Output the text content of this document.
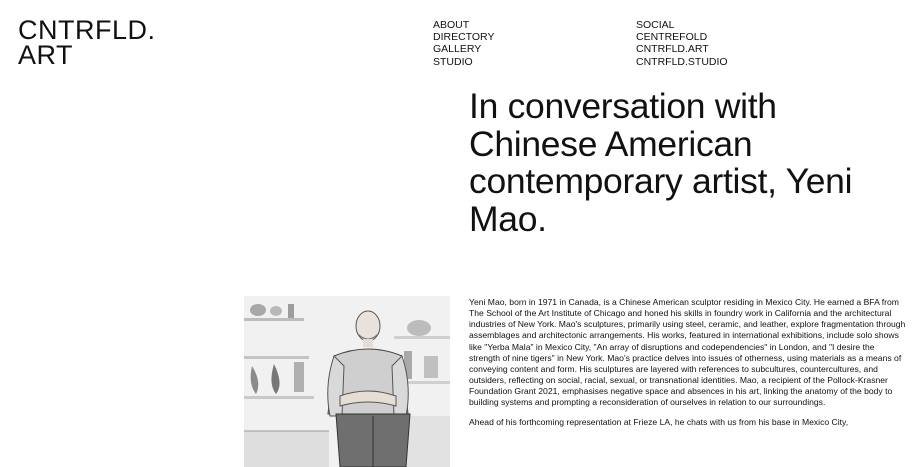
CNTRFLD.
ART
ABOUT
DIRECTORY
GALLERY
STUDIO
SOCIAL
CENTREFOLD
CNTRFLD.ART
CNTRFLD.STUDIO
In conversation with Chinese American contemporary artist, Yeni Mao.

Yeni Mao, born in 1971 in Canada, is a Chinese American sculptor residing in Mexico City. He earned a BFA from The School of the Art Institute of Chicago and honed his skills in foundry work in California and the architectural industries of New York. Mao's sculptures, primarily using steel, ceramic, and leather, explore fragmentation through assemblages and architectonic arrangements. His works, featured in international exhibitions, include solo shows like "Yerba Mala" in Mexico City, "An array of disruptions and codependencies" in London, and "I desire the strength of nine tigers" in New York. Mao's practice delves into issues of otherness, using materials as a means of conveying content and form. His sculptures are layered with references to subcultures, countercultures, and outsiders, reflecting on social, racial, sexual, or transnational identities. Mao, a recipient of the Pollock-Krasner Foundation Grant 2021, emphasises negative space and absences in his art, linking the anatomy of the body to building systems and prompting a reconsideration of ourselves in relation to our surroundings.

Ahead of his forthcoming representation at Frieze LA, he chats with us from his base in Mexico City,
